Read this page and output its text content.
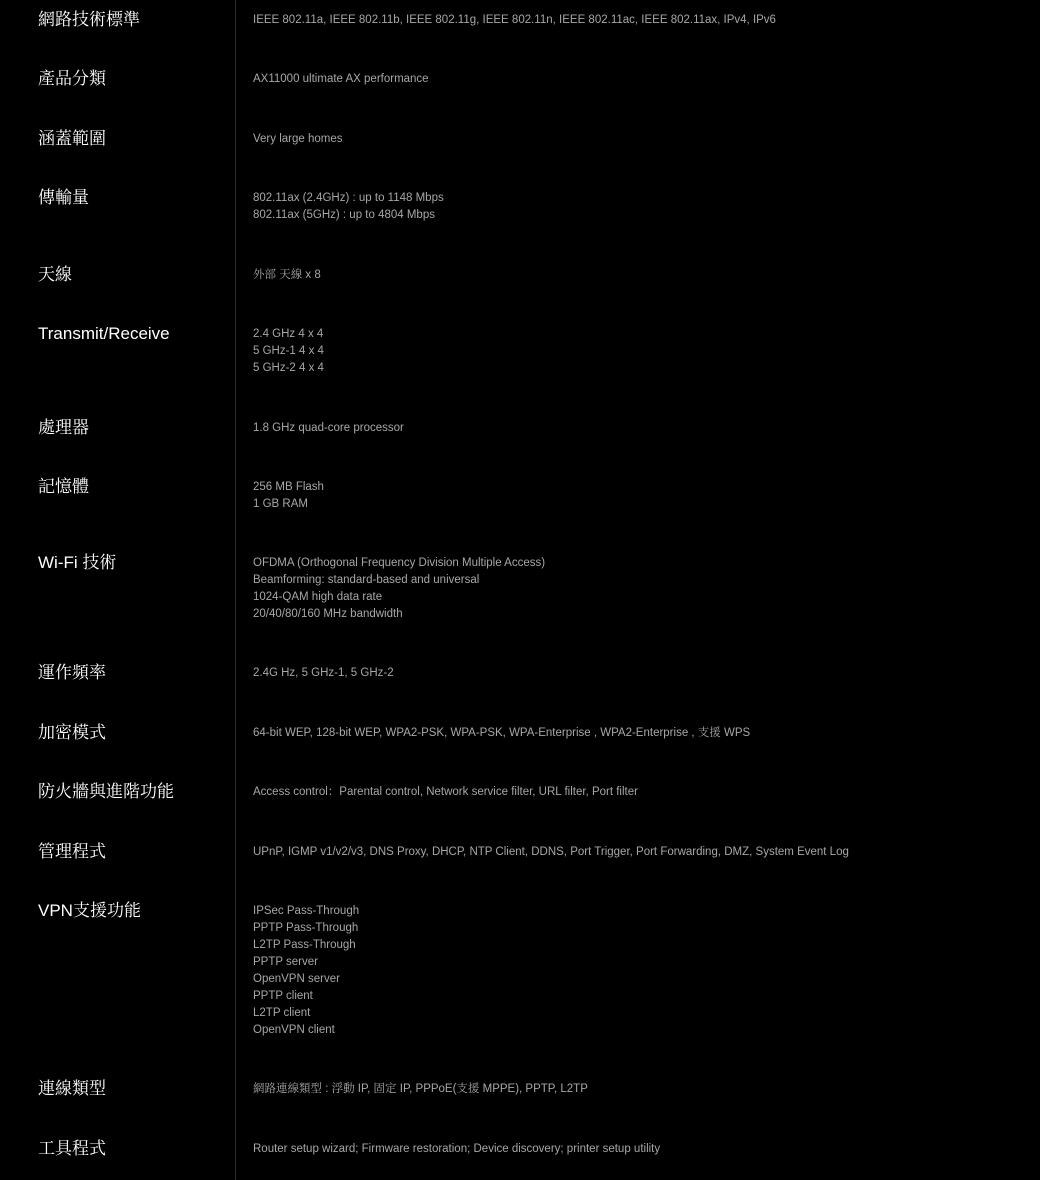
網路技術標準	IEEE 802.11a, IEEE 802.11b, IEEE 802.11g, IEEE 802.11n, IEEE 802.11ac, IEEE 802.11ax, IPv4, IPv6
產品分類	AX11000 ultimate AX performance
涵蓋範圍	Very large homes
傳輸量	802.11ax (2.4GHz) : up to 1148 Mbps
802.11ax (5GHz) : up to 4804 Mbps
天線	外部 天線 x 8
Transmit/Receive	2.4 GHz 4 x 4
5 GHz-1 4 x 4
5 GHz-2 4 x 4
處理器	1.8 GHz quad-core processor
記憶體	256 MB Flash
1 GB RAM
Wi-Fi 技術	OFDMA (Orthogonal Frequency Division Multiple Access)
Beamforming: standard-based and universal
1024-QAM high data rate
20/40/80/160 MHz bandwidth
運作頻率	2.4G Hz, 5 GHz-1, 5 GHz-2
加密模式	64-bit WEP, 128-bit WEP, WPA2-PSK, WPA-PSK, WPA-Enterprise , WPA2-Enterprise , 支援 WPS
防火牆與進階功能	Access control：Parental control, Network service filter, URL filter, Port filter
管理程式	UPnP, IGMP v1/v2/v3, DNS Proxy, DHCP, NTP Client, DDNS, Port Trigger, Port Forwarding, DMZ, System Event Log
VPN支援功能	IPSec Pass-Through
PPTP Pass-Through
L2TP Pass-Through
PPTP server
OpenVPN server
PPTP client
L2TP client
OpenVPN client
連線類型	網路連線類型 : 浮動 IP, 固定 IP, PPPoE(支援 MPPE), PPTP, L2TP
工具程式	Router setup wizard; Firmware restoration; Device discovery; printer setup utility
